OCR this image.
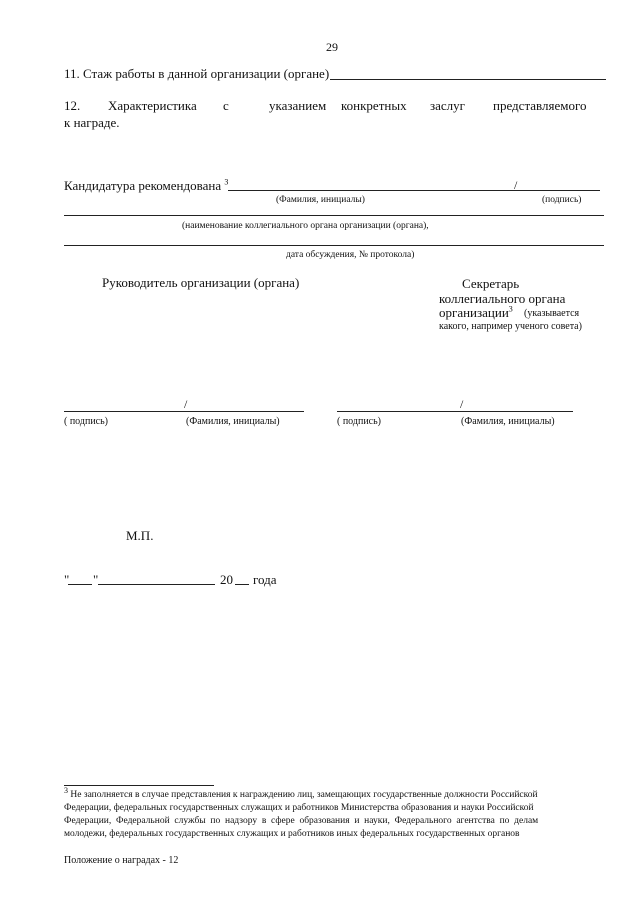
29
11. Стаж работы в данной организации (органе)
12. Характеристика с	указанием конкретных заслуг представляемого
к награде.
Кандидатура рекомендована $^3$	/
(Фамилия, инициалы)	(подпись)
(наименование коллегиального органа организации (органа),
дата обсуждения, № протокола)
Руководитель организации (органа)	Секретарь
коллегиального органа
организации$^3$ (указывается
какого, например ученого совета)
/
( подпись)	(Фамилия, инициалы)
/
( подпись)	(Фамилия, инициалы)
М.П.
" "	20 года
$^3$ Не заполняется в случае представления к награждению лиц, замещающих государственные должности Российской
Федерации, федеральных государственных служащих и работников Министерства образования и науки Российской
Федерации,  Федеральной  службы  по  надзору  в  сфере  образования  и  науки,  Федерального  агентства  по  делам
молодежи, федеральных государственных служащих и работников иных федеральных государственных органов
Положение о наградах - 12
